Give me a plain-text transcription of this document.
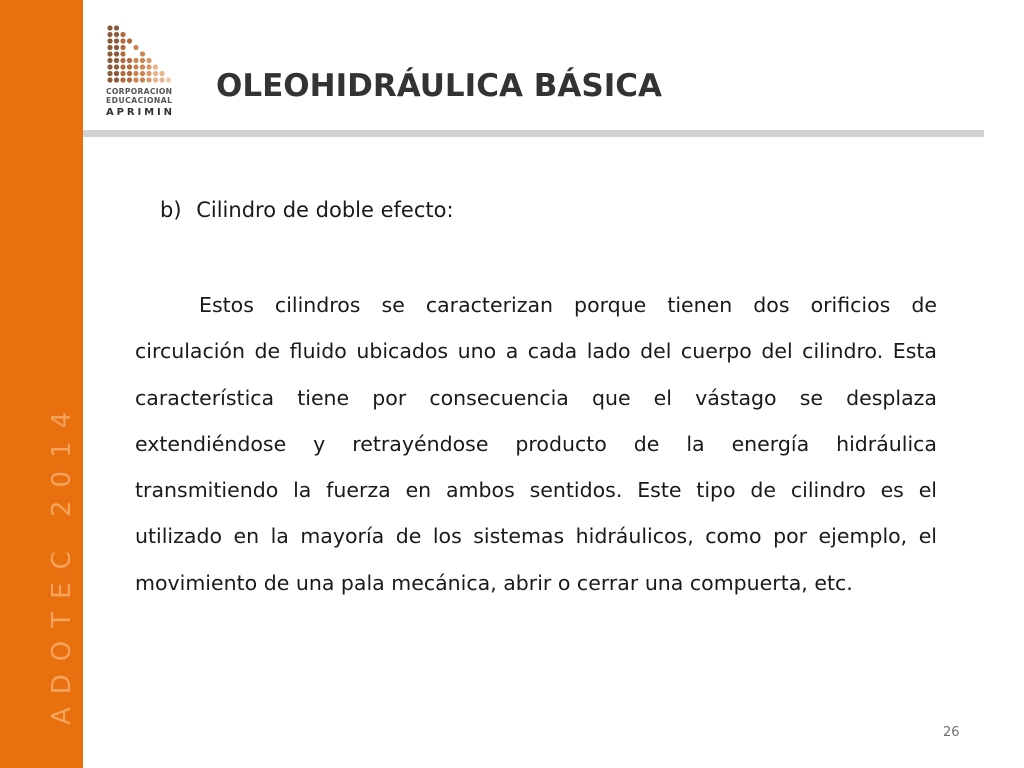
ADOTEC 2014
CORPORACION
EDUCACIONAL
APRIMIN
OLEOHIDRÁULICA BÁSICA
b) Cilindro de doble efecto:

Estos cilindros se caracterizan porque tienen dos orificios de circulación de fluido ubicados uno a cada lado del cuerpo del cilindro. Esta característica tiene por consecuencia que el vástago se desplaza extendiéndose y retrayéndose producto de la energía hidráulica transmitiendo la fuerza en ambos sentidos. Este tipo de cilindro es el utilizado en la mayoría de los sistemas hidráulicos, como por ejemplo, el movimiento de una pala mecánica, abrir o cerrar una compuerta, etc.

26
